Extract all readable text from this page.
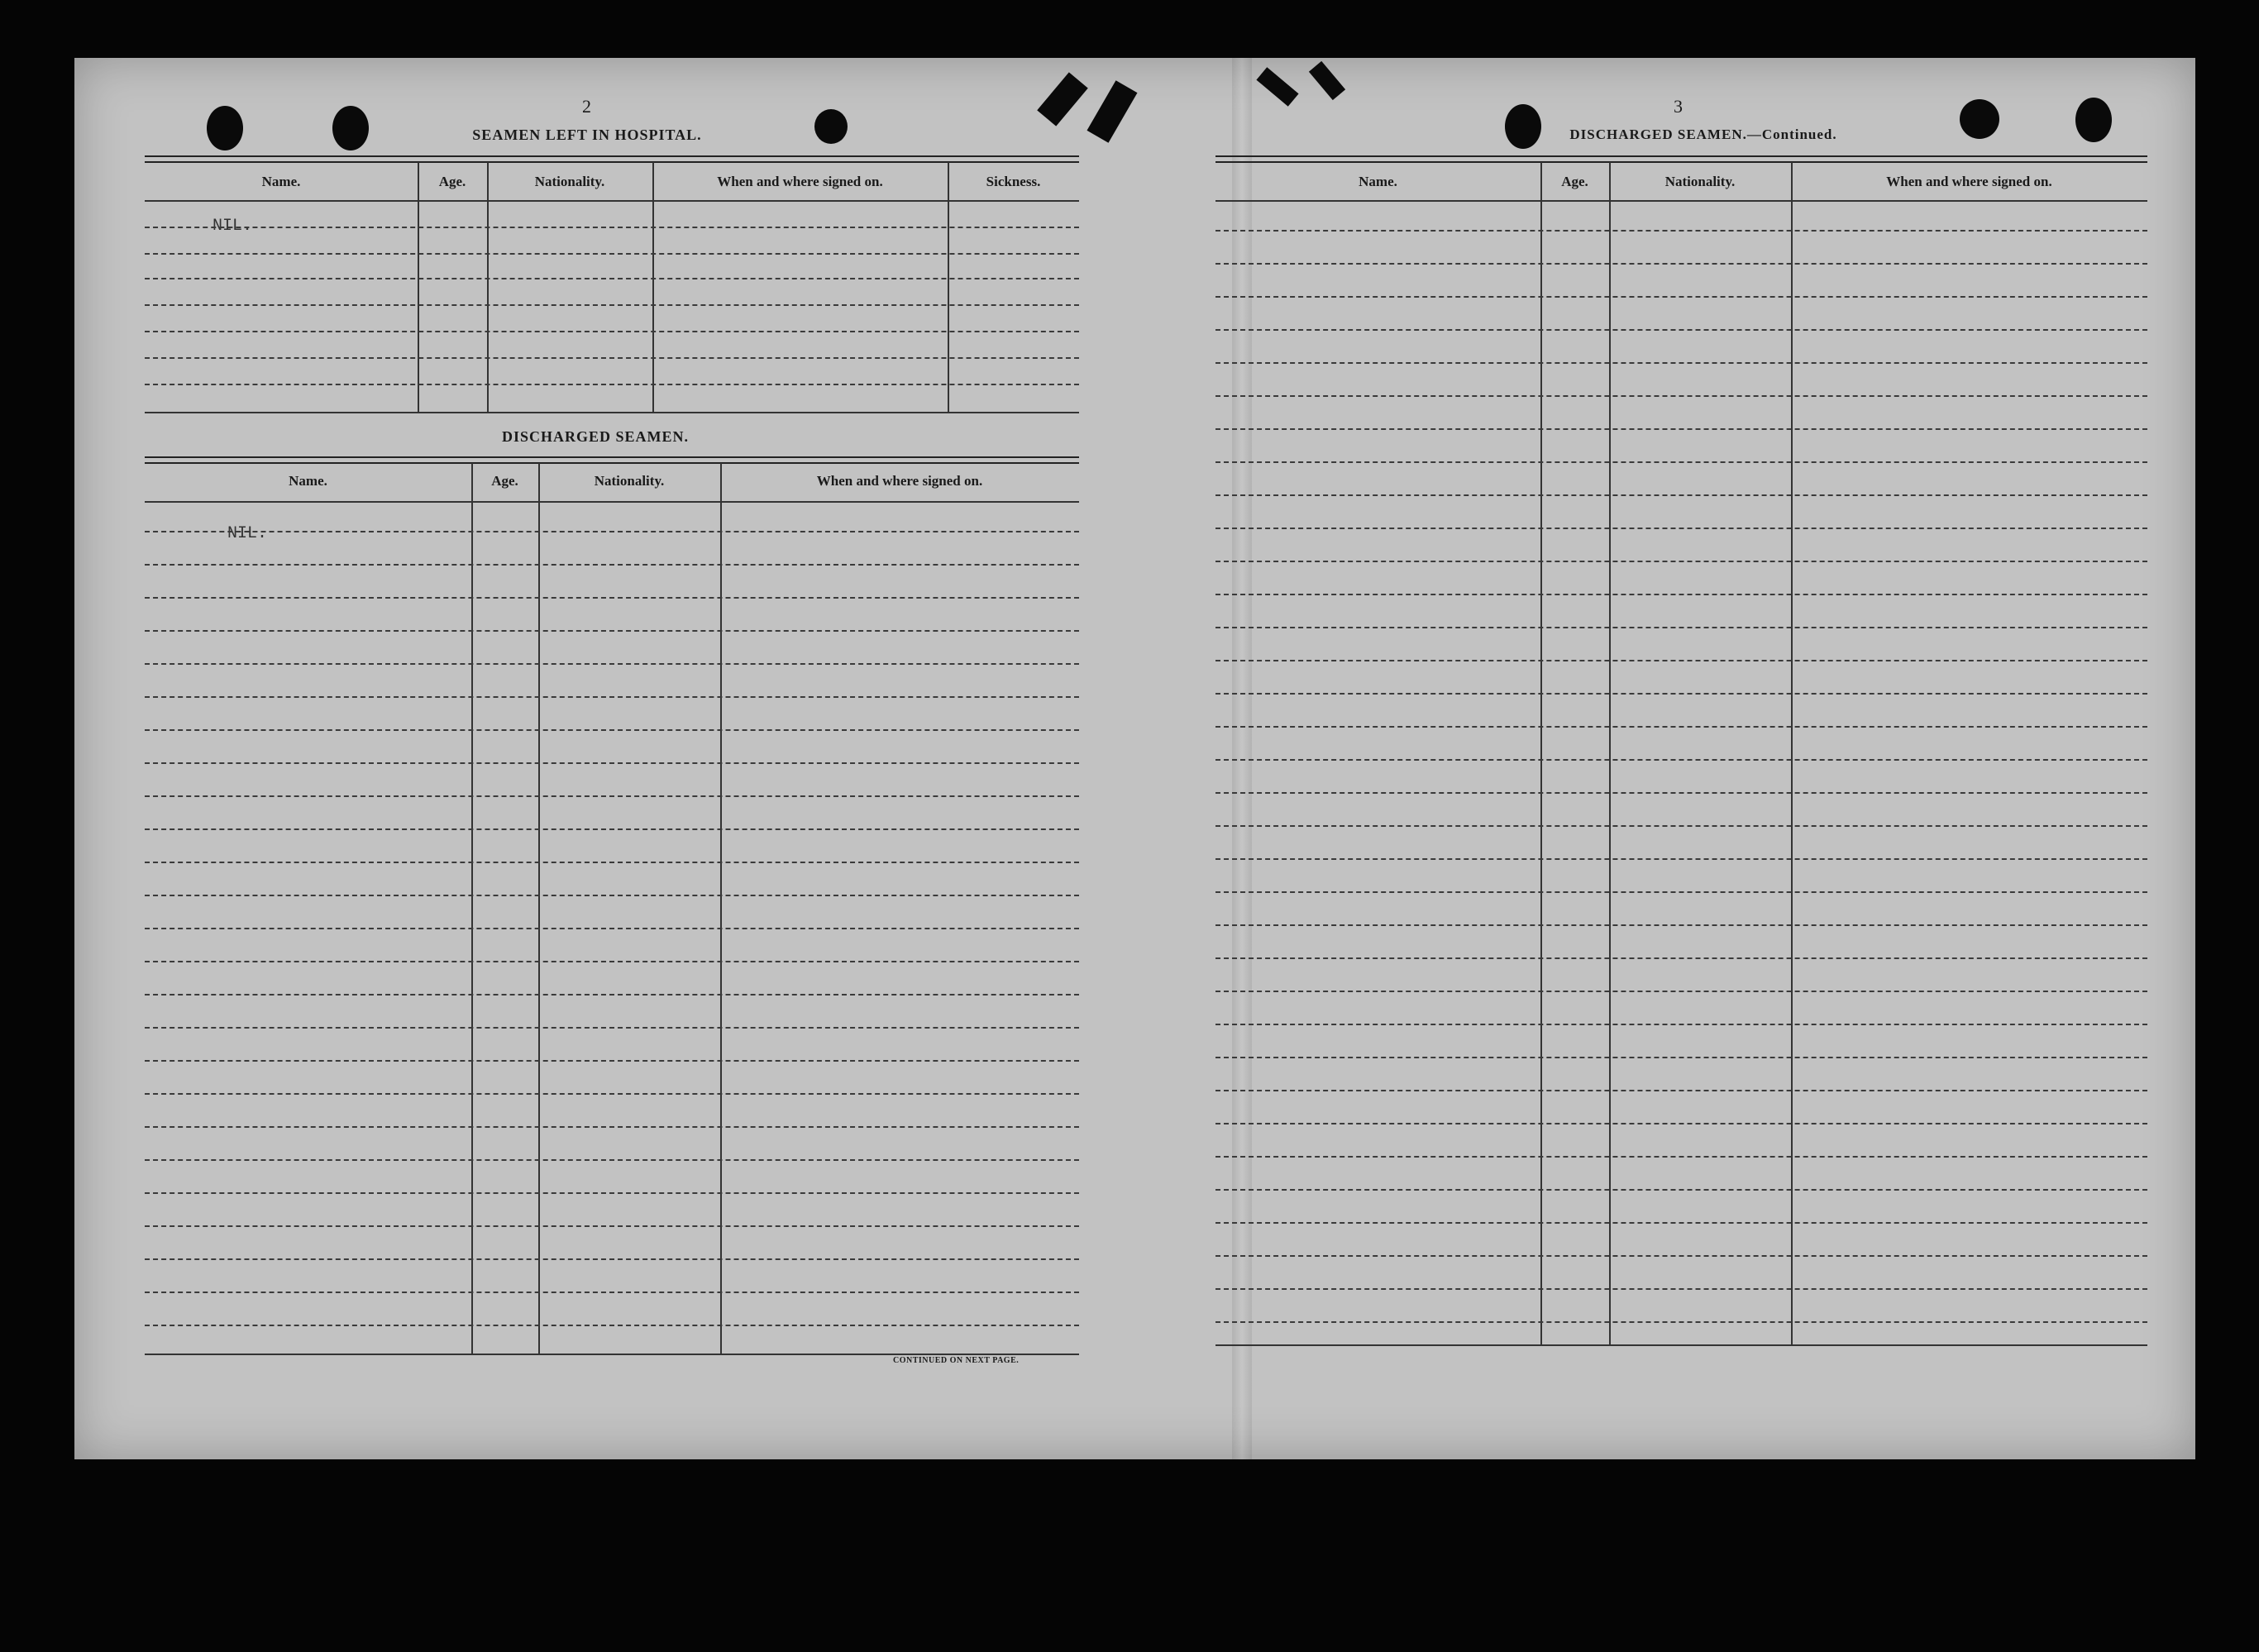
2
SEAMEN LEFT IN HOSPITAL.
Name.	Age.	Nationality.	When and where signed on.	Sickness.
NIL.
DISCHARGED SEAMEN.
Name.	Age.	Nationality.	When and where signed on.
NIL.
CONTINUED ON NEXT PAGE.
3
DISCHARGED SEAMEN.—Continued.
Name.	Age.	Nationality.	When and where signed on.
